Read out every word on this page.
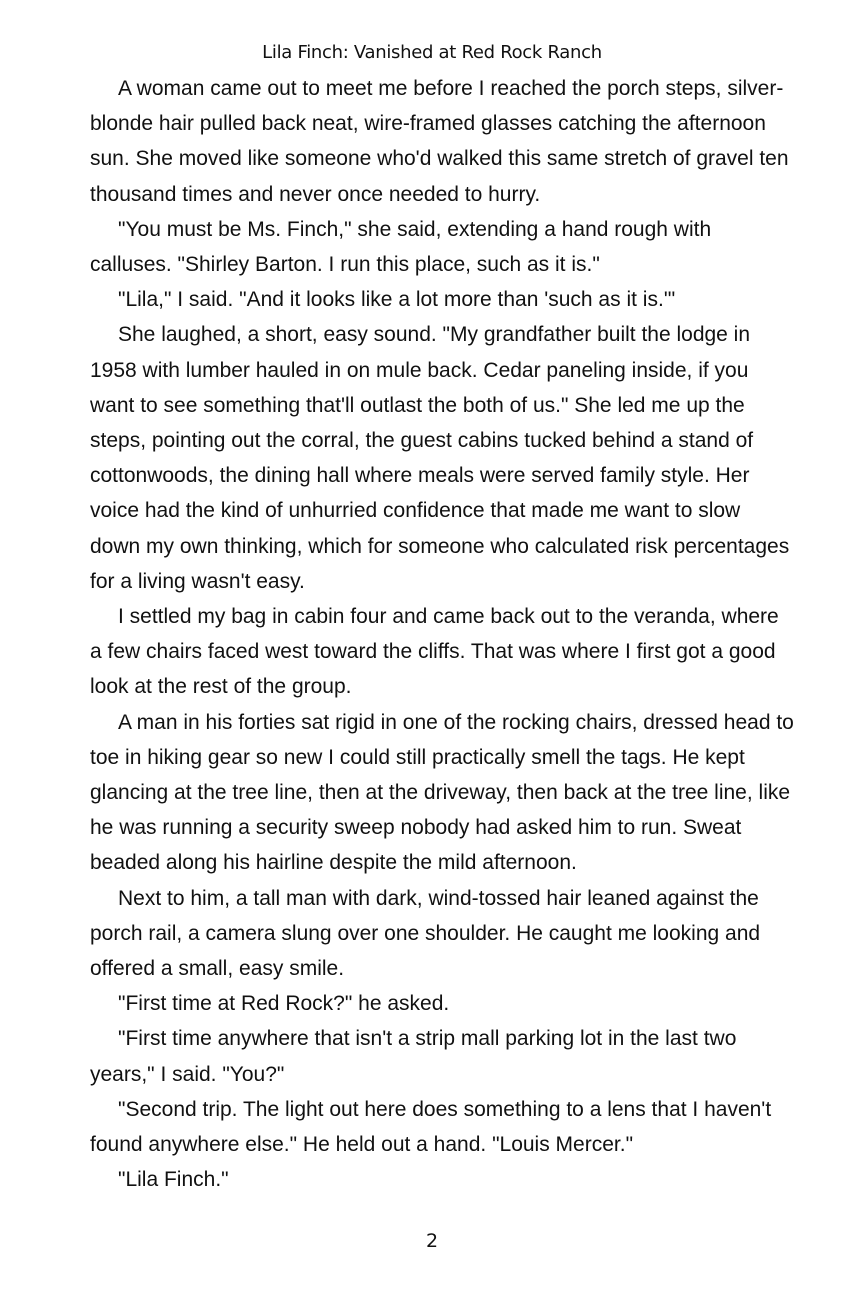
Lila Finch: Vanished at Red Rock Ranch

A woman came out to meet me before I reached the porch steps, silver-blonde hair pulled back neat, wire-framed glasses catching the afternoon sun. She moved like someone who'd walked this same stretch of gravel ten thousand times and never once needed to hurry.

"You must be Ms. Finch," she said, extending a hand rough with calluses. "Shirley Barton. I run this place, such as it is."

"Lila," I said. "And it looks like a lot more than 'such as it is.'"

She laughed, a short, easy sound. "My grandfather built the lodge in 1958 with lumber hauled in on mule back. Cedar paneling inside, if you want to see something that'll outlast the both of us." She led me up the steps, pointing out the corral, the guest cabins tucked behind a stand of cottonwoods, the dining hall where meals were served family style. Her voice had the kind of unhurried confidence that made me want to slow down my own thinking, which for someone who calculated risk percentages for a living wasn't easy.

I settled my bag in cabin four and came back out to the veranda, where a few chairs faced west toward the cliffs. That was where I first got a good look at the rest of the group.

A man in his forties sat rigid in one of the rocking chairs, dressed head to toe in hiking gear so new I could still practically smell the tags. He kept glancing at the tree line, then at the driveway, then back at the tree line, like he was running a security sweep nobody had asked him to run. Sweat beaded along his hairline despite the mild afternoon.

Next to him, a tall man with dark, wind-tossed hair leaned against the porch rail, a camera slung over one shoulder. He caught me looking and offered a small, easy smile.

"First time at Red Rock?" he asked.

"First time anywhere that isn't a strip mall parking lot in the last two years," I said. "You?"

"Second trip. The light out here does something to a lens that I haven't found anywhere else." He held out a hand. "Louis Mercer."

"Lila Finch."

2
